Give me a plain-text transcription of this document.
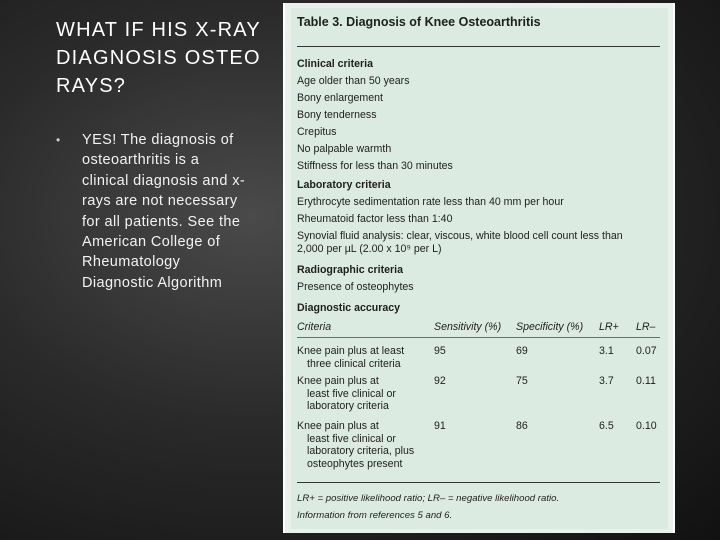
WHAT IF HIS X-RAY
DIAGNOSIS OSTEO
RAYS?
• YES! The diagnosis of osteoarthritis is a clinical diagnosis and x-rays are not necessary for all patients. See the American College of Rheumatology Diagnostic Algorithm
Table 3. Diagnosis of Knee Osteoarthritis
Clinical criteria
Age older than 50 years
Bony enlargement
Bony tenderness
Crepitus
No palpable warmth
Stiffness for less than 30 minutes
Laboratory criteria
Erythrocyte sedimentation rate less than 40 mm per hour
Rheumatoid factor less than 1:40
Synovial fluid analysis: clear, viscous, white blood cell count less than 2,000 per µL (2.00 x 10⁹ per L)
Radiographic criteria
Presence of osteophytes
Diagnostic accuracy
Criteria	Sensitivity (%) Specificity (%) LR+ LR–
Knee pain plus at least
three clinical criteria
95	69	3.1 0.07
Knee pain plus at
least five clinical or
laboratory criteria
92	75	3.7 0.11
Knee pain plus at
least five clinical or
laboratory criteria, plus
osteophytes present
91	86	6.5 0.10
LR+ = positive likelihood ratio; LR– = negative likelihood ratio.
Information from references 5 and 6.
